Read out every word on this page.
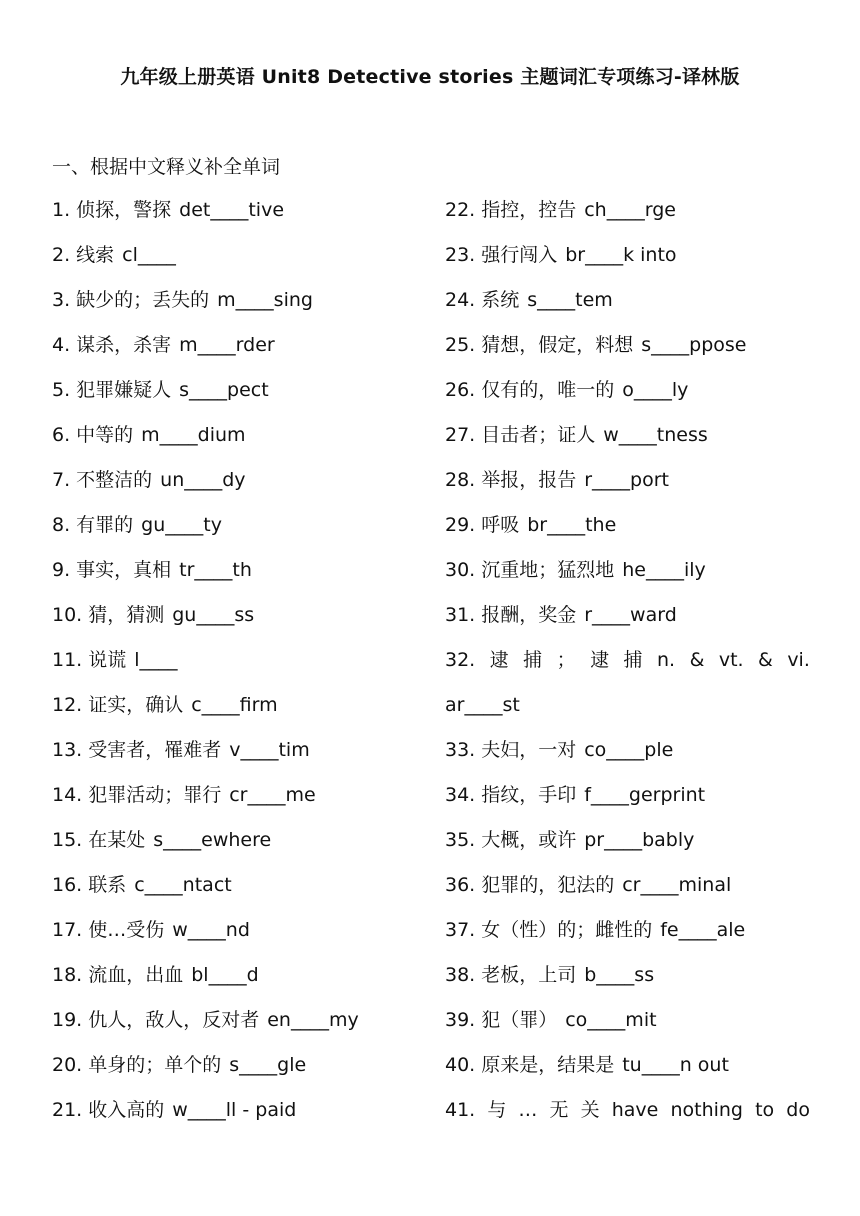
九年级上册英语 Unit8 Detective stories 主题词汇专项练习-译林版
一、根据中文释义补全单词
1. 侦探，警探 det____tive
2. 线索 cl____
3. 缺少的；丢失的 m____sing
4. 谋杀，杀害 m____rder
5. 犯罪嫌疑人 s____pect
6. 中等的 m____dium
7. 不整洁的 un____dy
8. 有罪的 gu____ty
9. 事实，真相 tr____th
10. 猜，猜测 gu____ss
11. 说谎 l____
12. 证实，确认 c____firm
13. 受害者，罹难者 v____tim
14. 犯罪活动；罪行 cr____me
15. 在某处 s____ewhere
16. 联系 c____ntact
17. 使…受伤 w____nd
18. 流血，出血 bl____d
19. 仇人，敌人，反对者 en____my
20. 单身的；单个的 s____gle
21. 收入高的 w____ll - paid
22. 指控，控告 ch____rge
23. 强行闯入 br____k into
24. 系统 s____tem
25. 猜想，假定，料想 s____ppose
26. 仅有的，唯一的 o____ly
27. 目击者；证人 w____tness
28. 举报，报告 r____port
29. 呼吸 br____the
30. 沉重地；猛烈地 he____ily
31. 报酬，奖金 r____ward
32. 逮 捕 ； 逮 捕 n. & vt. & vi.
ar____st
33. 夫妇，一对 co____ple
34. 指纹，手印 f____gerprint
35. 大概，或许 pr____bably
36. 犯罪的，犯法的 cr____minal
37. 女（性）的；雌性的 fe____ale
38. 老板，上司 b____ss
39. 犯（罪） co____mit
40. 原来是，结果是 tu____n out
41. 与 … 无 关 have nothing to do
